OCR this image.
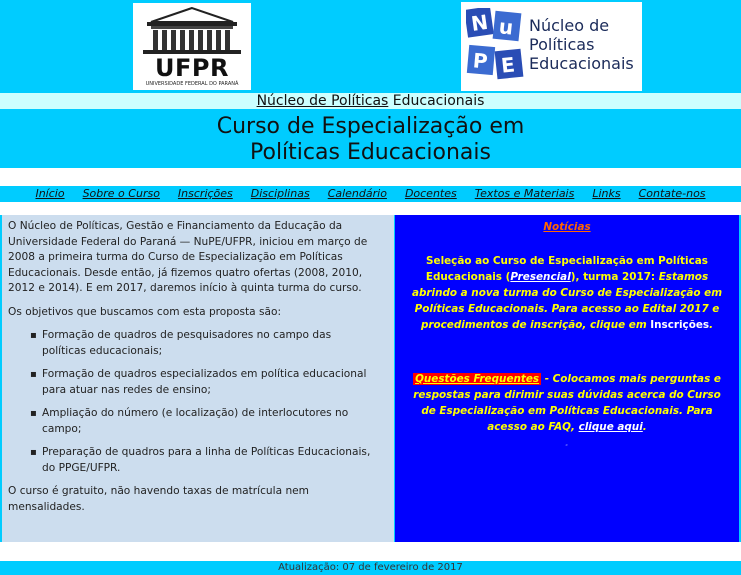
UFPR
UNIVERSIDADE FEDERAL DO PARANÁ
N u
P E
Núcleo de
Políticas
Educacionais
Núcleo de Políticas Educacionais
Curso de Especialização em
Políticas Educacionais
Início	Sobre o Curso	Inscrições	Disciplinas	Calendário	Docentes	Textos e Materiais	Links	Contate-nos

O Núcleo de Políticas, Gestão e Financiamento da Educação da Universidade Federal do Paraná — NuPE/UFPR, iniciou em março de 2008 a primeira turma do Curso de Especialização em Políticas Educacionais. Desde então, já fizemos quatro ofertas (2008, 2010, 2012 e 2014). E em 2017, daremos início à quinta turma do curso.

Os objetivos que buscamos com esta proposta são:

▪ Formação de quadros de pesquisadores no campo das políticas educacionais;
▪ Formação de quadros especializados em política educacional para atuar nas redes de ensino;
▪ Ampliação do número (e localização) de interlocutores no campo;
▪ Preparação de quadros para a linha de Políticas Educacionais, do PPGE/UFPR.

O curso é gratuito, não havendo taxas de matrícula nem mensalidades.

Notícias
Seleção ao Curso de Especialização em Políticas Educacionais (Presencial), turma 2017: Estamos abrindo a nova turma do Curso de Especialização em Políticas Educacionais. Para acesso ao Edital 2017 e procedimentos de inscrição, clique em Inscrições.
Questões Frequentes - Colocamos mais perguntas e respostas para dirimir suas dúvidas acerca do Curso de Especialização em Políticas Educacionais. Para acesso ao FAQ, clique aqui.
.
Atualização: 07 de fevereiro de 2017
